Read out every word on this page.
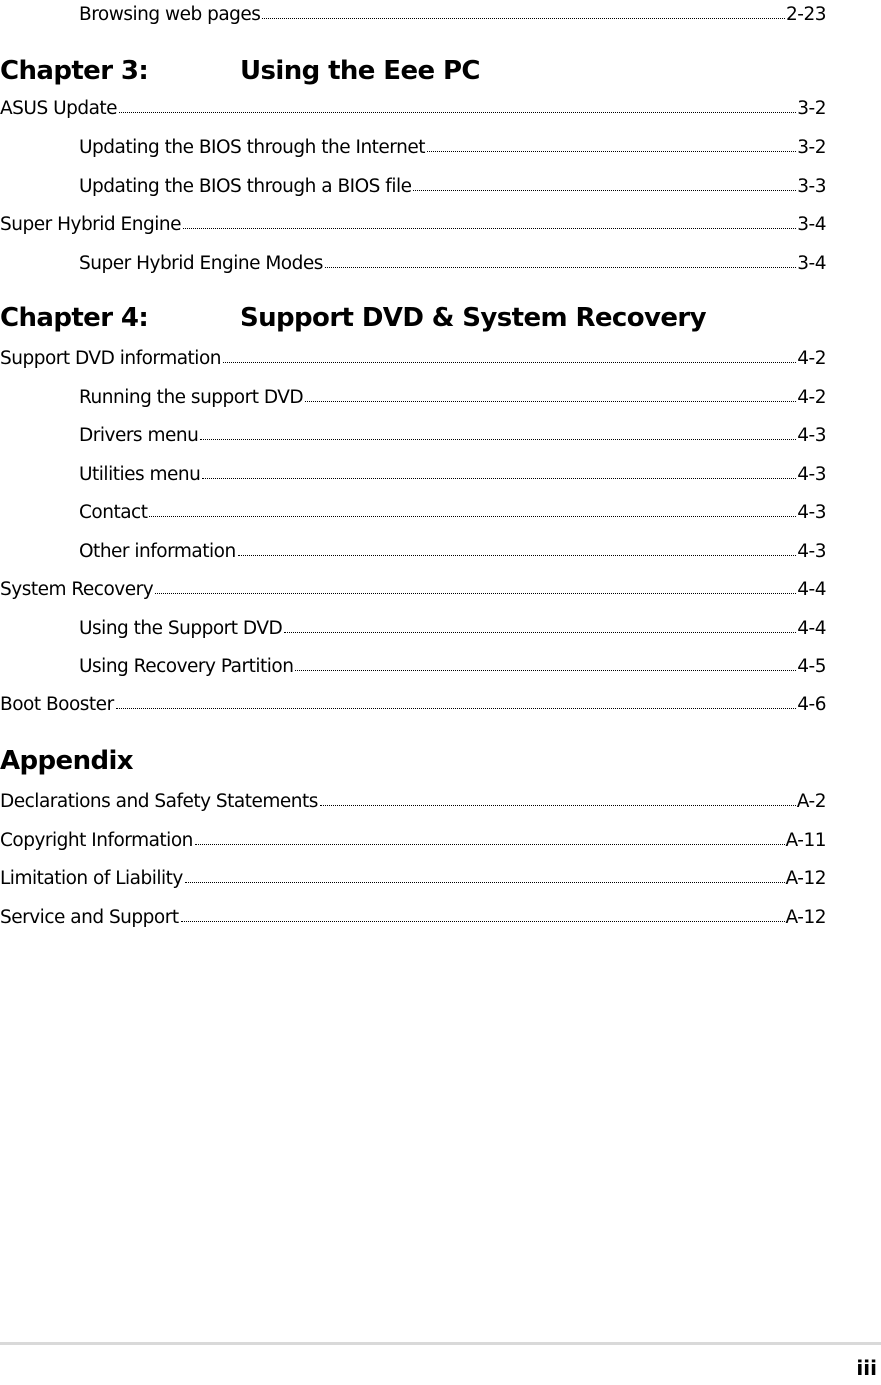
Browsing web pages	2-23
Chapter 3:	Using the Eee PC
ASUS Update	3-2
Updating the BIOS through the Internet	3-2
Updating the BIOS through a BIOS file	3-3
Super Hybrid Engine	3-4
Super Hybrid Engine Modes	3-4
Chapter 4:	Support DVD & System Recovery
Support DVD information	4-2
Running the support DVD	4-2
Drivers menu	4-3
Utilities menu	4-3
Contact	4-3
Other information	4-3
System Recovery	4-4
Using the Support DVD	4-4
Using Recovery Partition	4-5
Boot Booster	4-6
Appendix
Declarations and Safety Statements	A-2
Copyright Information	A-11
Limitation of Liability	A-12
Service and Support	A-12
iii
